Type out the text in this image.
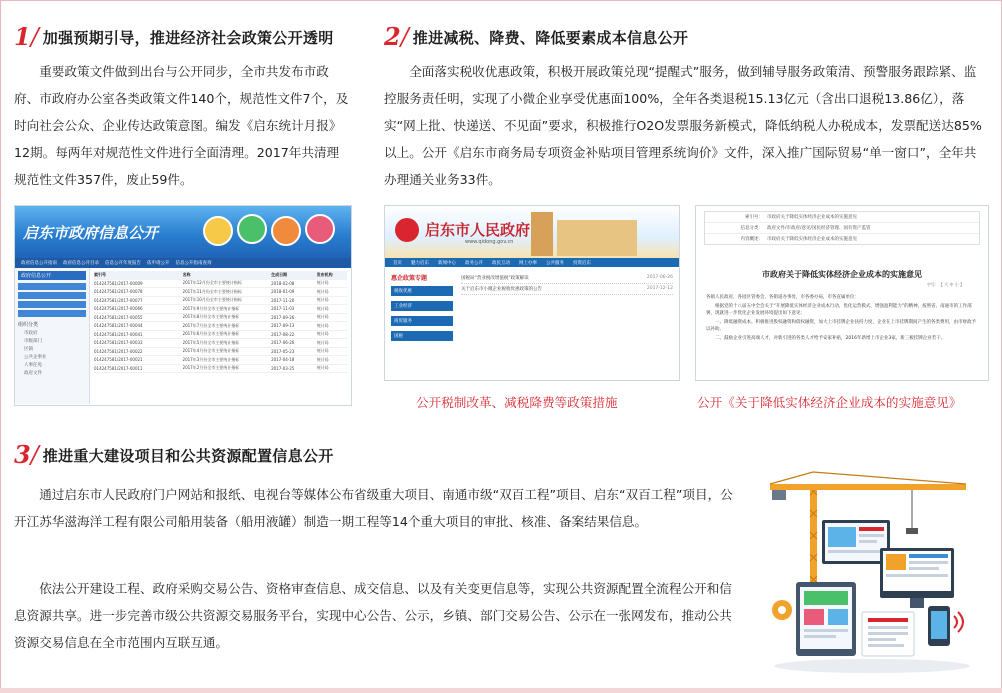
1 / 加强预期引导，推进经济社会政策公开透明

重要政策文件做到出台与公开同步，全市共发布市政府、市政府办公室各类政策文件140个，规范性文件7个，及时向社会公众、企业传达政策意图。编发《启东统计月报》12期。每两年对规范性文件进行全面清理。2017年共清理规范性文件357件，废止59件。

启东市政府信息公开
政府信息公开指南 政府信息公开目录 信息公开年度报告 依申请公开 信息公开指南查询
政府信息公开
组织分类
市政府
市级部门
区镇
公共企事业
人事任免
政府文件
索引号	名称	生成日期	发布机构
014247581/2017-00009	2017年12月份全市主要统计指标	2018-02-08	统计局
014247581/2017-00078	2017年11月份全市主要统计指标	2018-01-09	统计局
014247581/2017-00077	2017年10月份全市主要统计指标	2017-11-20	统计局
014247581/2017-00066	2017年9月份全市主要统计指标	2017-11-03	统计局
014247581/2017-00055	2017年8月份全市主要统计指标	2017-09-26	统计局
014247581/2017-00044	2017年7月份全市主要统计指标	2017-09-13	统计局
014247581/2017-00041	2017年6月份全市主要统计指标	2017-08-22	统计局
014247581/2017-00033	2017年5月份全市主要统计指标	2017-06-26	统计局
014247581/2017-00022	2017年4月份全市主要统计指标	2017-05-23	统计局
014247581/2017-00021	2017年3月份全市主要统计指标	2017-04-18	统计局
014247581/2017-00011	2017年2月份全市主要统计指标	2017-03-25	统计局
2 / 推进减税、降费、降低要素成本信息公开

全面落实税收优惠政策，积极开展政策兑现“提醒式”服务，做到辅导服务政策清、预警服务跟踪紧、监控服务责任明，实现了小微企业享受优惠面100%，全年各类退税15.13亿元（含出口退税13.86亿），落实“网上批、快递送、不见面”要求，积极推行O2O发票服务新模式，降低纳税人办税成本，发票配送达85%以上。公开《启东市商务局专项资金补贴项目管理系统询价》文件，深入推广国际贸易“单一窗口”，全年共办理通关业务33件。

启东市人民政府
www.qidong.gov.cn
首页 魅力启东 新闻中心 政务公开 政民互动 网上办事 公共服务 投资启东
惠企政策专题
税收优惠
工业经济
商贸服务
国税
国税局“营业税改增值税”政策解读	2017-06-26
关于启东市小微企业税收优惠政策的公告	2017-12-12
公开税制改革、减税降费等政策措施
索引号： 市政府关于降低实体经济企业成本的实施意见
信息分类： 政府文件/市政府/意见/国民经济管理、国有资产监管
内容概述： 市政府关于降低实体经济企业成本的实施意见
市政府关于降低实体经济企业成本的实施意见
字号：【 大 中 小 】
各镇人民政府，各园区管委会，各街道办事处，市各委办局，市各直属单位：
根据党的十八届五中全会关于“开展降低实体经济企业成本行动，优化运营模式，增强盈利能力”的精神，按照省、南通市的工作部署，现就进一步优化企业发展环境提出如下意见：
一、降低融资成本。积极推进股权融资和债权融资，加大上市挂牌企业扶持力度，企业在上市挂牌期间产生的各类费用，由市财政予以补助。
二、鼓励企业引进高端人才，对新引进的各类人才给予安家补贴，2016年新增上市企业3家，新三板挂牌企业若干。
公开《关于降低实体经济企业成本的实施意见》
3 / 推进重大建设项目和公共资源配置信息公开

通过启东市人民政府门户网站和报纸、电视台等媒体公布省级重大项目、南通市级“双百工程”项目、启东“双百工程”项目，公开江苏华滋海洋工程有限公司船用装备（船用液罐）制造一期工程等14个重大项目的审批、核准、备案结果信息。

依法公开建设工程、政府采购交易公告、资格审查信息、成交信息、以及有关变更信息等，实现公共资源配置全流程公开和信息资源共享。进一步完善市级公共资源交易服务平台，实现中心公告、公示，乡镇、部门交易公告、公示在一张网发布，推动公共资源交易信息在全市范围内互联互通。
